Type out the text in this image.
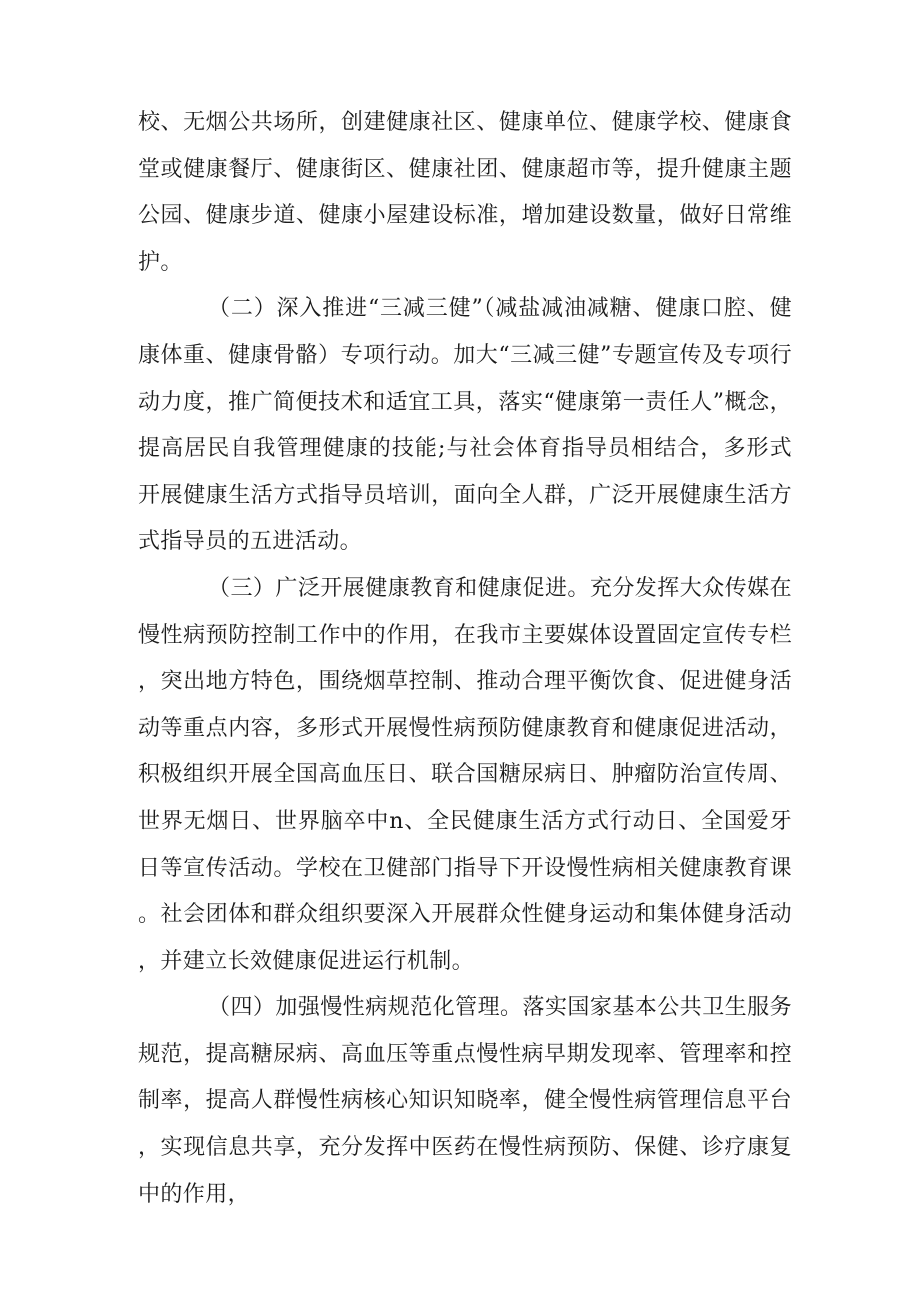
校、无烟公共场所，创建健康社区、健康单位、健康学校、健康食堂或健康餐厅、健康街区、健康社团、健康超市等，提升健康主题公园、健康步道、健康小屋建设标准，增加建设数量，做好日常维护。

（二）深入推进“三减三健”（减盐减油减糖、健康口腔、健康体重、健康骨骼）专项行动。加大“三减三健”专题宣传及专项行动力度，推广简便技术和适宜工具，落实“健康第一责任人”概念，提高居民自我管理健康的技能;与社会体育指导员相结合，多形式开展健康生活方式指导员培训，面向全人群，广泛开展健康生活方式指导员的五进活动。

（三）广泛开展健康教育和健康促进。充分发挥大众传媒在慢性病预防控制工作中的作用，在我市主要媒体设置固定宣传专栏，突出地方特色，围绕烟草控制、推动合理平衡饮食、促进健身活动等重点内容，多形式开展慢性病预防健康教育和健康促进活动，积极组织开展全国高血压日、联合国糖尿病日、肿瘤防治宣传周、世界无烟日、世界脑卒中n、全民健康生活方式行动日、全国爱牙日等宣传活动。学校在卫健部门指导下开设慢性病相关健康教育课。社会团体和群众组织要深入开展群众性健身运动和集体健身活动，并建立长效健康促进运行机制。

（四）加强慢性病规范化管理。落实国家基本公共卫生服务规范，提高糖尿病、高血压等重点慢性病早期发现率、管理率和控制率，提高人群慢性病核心知识知晓率，健全慢性病管理信息平台，实现信息共享，充分发挥中医药在慢性病预防、保健、诊疗康复中的作用，
